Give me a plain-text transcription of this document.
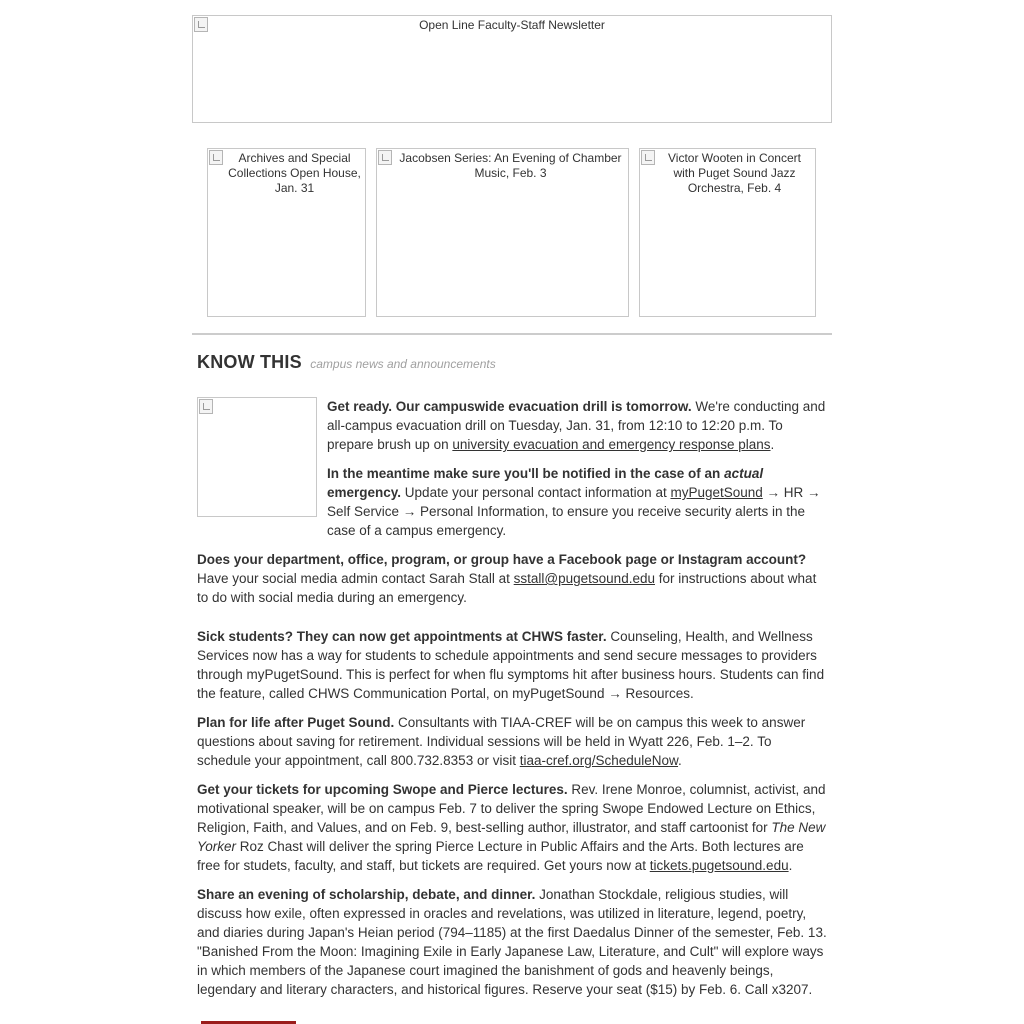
Open Line Faculty-Staff Newsletter
Archives and Special Collections Open House, Jan. 31
Jacobsen Series: An Evening of Chamber Music, Feb. 3
Victor Wooten in Concert with Puget Sound Jazz Orchestra, Feb. 4
KNOW THIS campus news and announcements

Get ready. Our campuswide evacuation drill is tomorrow. We're conducting and all-campus evacuation drill on Tuesday, Jan. 31, from 12:10 to 12:20 p.m. To prepare brush up on university evacuation and emergency response plans.

In the meantime make sure you'll be notified in the case of an actual emergency. Update your personal contact information at myPugetSound → HR → Self Service → Personal Information, to ensure you receive security alerts in the case of a campus emergency.

Does your department, office, program, or group have a Facebook page or Instagram account? Have your social media admin contact Sarah Stall at sstall@pugetsound.edu for instructions about what to do with social media during an emergency.

Sick students? They can now get appointments at CHWS faster. Counseling, Health, and Wellness Services now has a way for students to schedule appointments and send secure messages to providers through myPugetSound. This is perfect for when flu symptoms hit after business hours. Students can find the feature, called CHWS Communication Portal, on myPugetSound → Resources.

Plan for life after Puget Sound. Consultants with TIAA-CREF will be on campus this week to answer questions about saving for retirement. Individual sessions will be held in Wyatt 226, Feb. 1–2. To schedule your appointment, call 800.732.8353 or visit tiaa-cref.org/ScheduleNow.

Get your tickets for upcoming Swope and Pierce lectures. Rev. Irene Monroe, columnist, activist, and motivational speaker, will be on campus Feb. 7 to deliver the spring Swope Endowed Lecture on Ethics, Religion, Faith, and Values, and on Feb. 9, best-selling author, illustrator, and staff cartoonist for The New Yorker Roz Chast will deliver the spring Pierce Lecture in Public Affairs and the Arts. Both lectures are free for studets, faculty, and staff, but tickets are required. Get yours now at tickets.pugetsound.edu.

Share an evening of scholarship, debate, and dinner. Jonathan Stockdale, religious studies, will discuss how exile, often expressed in oracles and revelations, was utilized in literature, legend, poetry, and diaries during Japan's Heian period (794–1185) at the first Daedalus Dinner of the semester, Feb. 13. "Banished From the Moon: Imagining Exile in Early Japanese Law, Literature, and Cult" will explore ways in which members of the Japanese court imagined the banishment of gods and heavenly beings, legendary and literary characters, and historical figures. Reserve your seat ($15) by Feb. 6. Call x3207.
